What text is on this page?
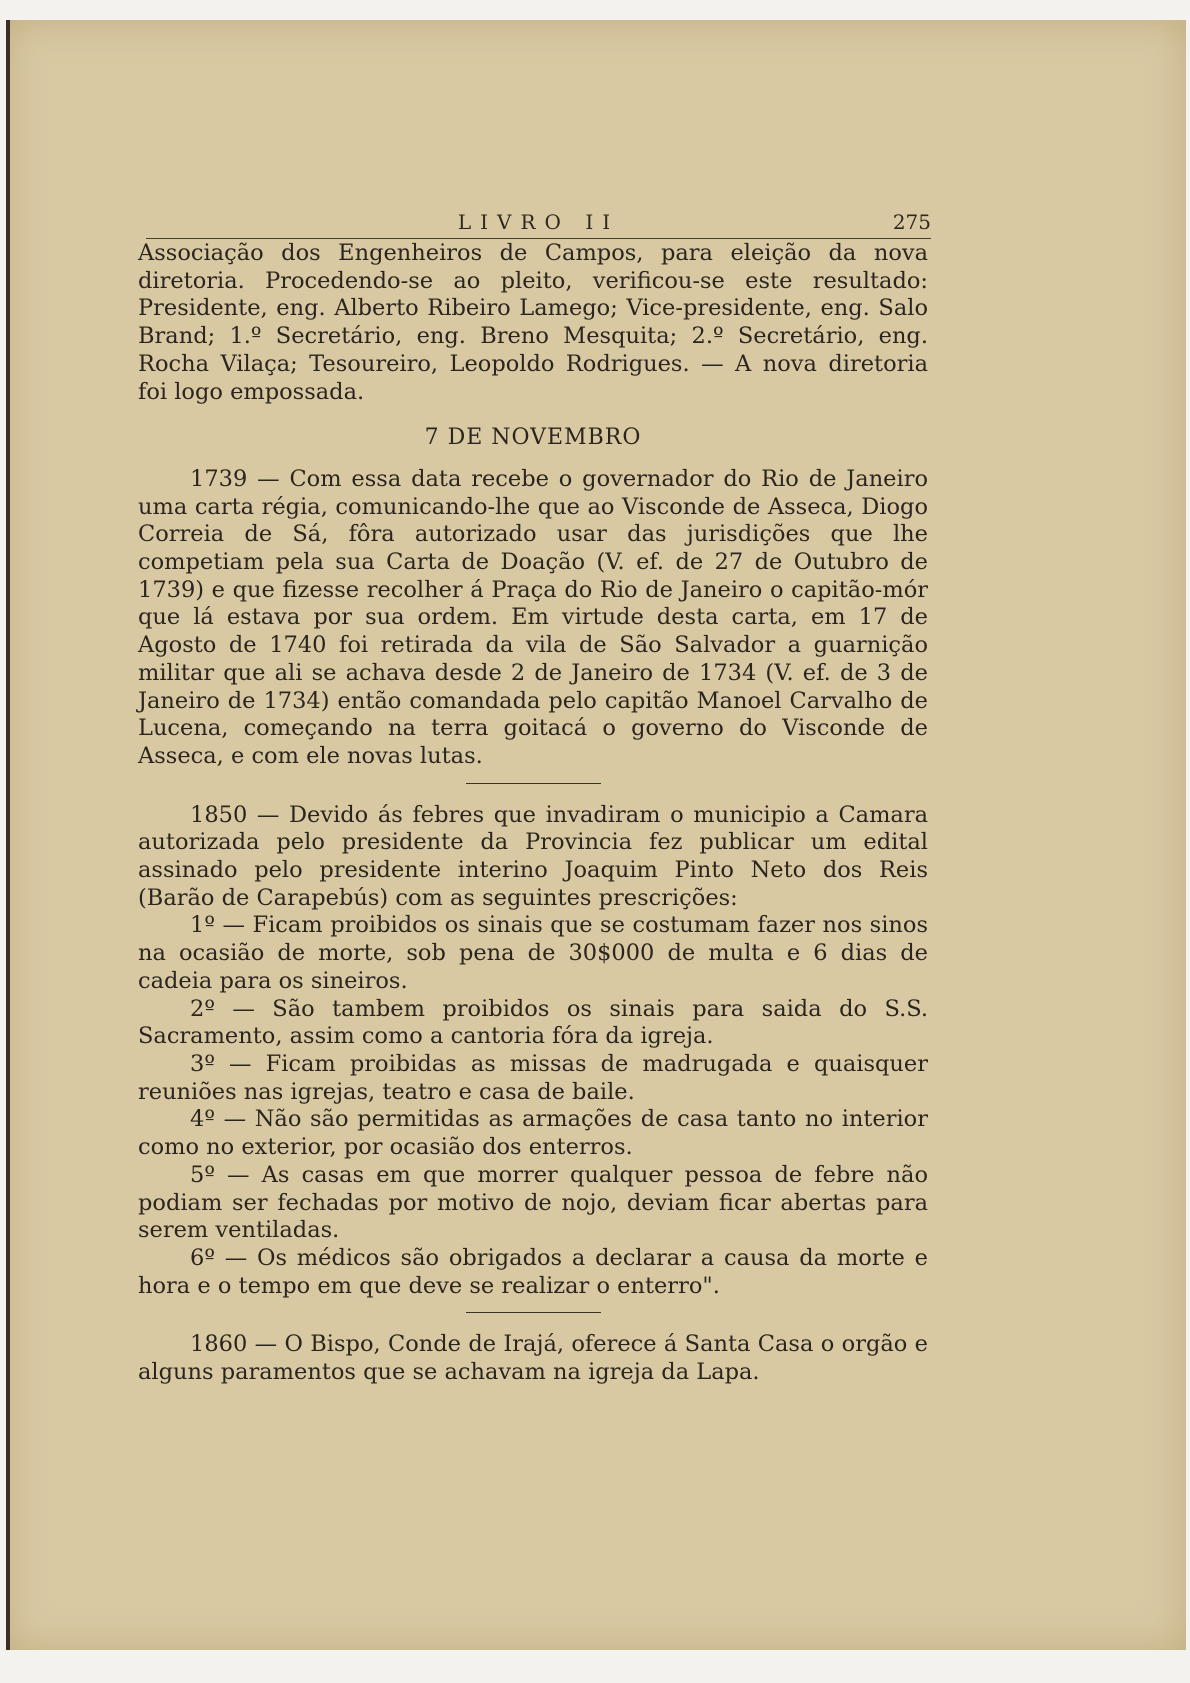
LIVRO II	275

Associação dos Engenheiros de Campos, para eleição da nova diretoria. Procedendo-se ao pleito, verificou-se este resultado: Presidente, eng. Alberto Ribeiro Lamego; Vice-presidente, eng. Salo Brand; 1.º Secretário, eng. Breno Mesquita; 2.º Secretário, eng. Rocha Vilaça; Tesoureiro, Leopoldo Rodrigues. — A nova diretoria foi logo empossada.

7 DE NOVEMBRO

1739 — Com essa data recebe o governador do Rio de Janeiro uma carta régia, comunicando-lhe que ao Visconde de Asseca, Diogo Correia de Sá, fôra autorizado usar das jurisdições que lhe competiam pela sua Carta de Doação (V. ef. de 27 de Outubro de 1739) e que fizesse recolher á Praça do Rio de Janeiro o capitão-mór que lá estava por sua ordem. Em virtude desta carta, em 17 de Agosto de 1740 foi retirada da vila de São Salvador a guarnição militar que ali se achava desde 2 de Janeiro de 1734 (V. ef. de 3 de Janeiro de 1734) então comandada pelo capitão Manoel Carvalho de Lucena, começando na terra goitacá o governo do Visconde de Asseca, e com ele novas lutas.

1850 — Devido ás febres que invadiram o municipio a Camara autorizada pelo presidente da Provincia fez publicar um edital assinado pelo presidente interino Joaquim Pinto Neto dos Reis (Barão de Carapebús) com as seguintes prescrições:

1º — Ficam proibidos os sinais que se costumam fazer nos sinos na ocasião de morte, sob pena de 30$000 de multa e 6 dias de cadeia para os sineiros.

2º — São tambem proibidos os sinais para saida do S.S. Sacramento, assim como a cantoria fóra da igreja.

3º — Ficam proibidas as missas de madrugada e quaisquer reuniões nas igrejas, teatro e casa de baile.

4º — Não são permitidas as armações de casa tanto no interior como no exterior, por ocasião dos enterros.

5º — As casas em que morrer qualquer pessoa de febre não podiam ser fechadas por motivo de nojo, deviam ficar abertas para serem ventiladas.

6º — Os médicos são obrigados a declarar a causa da morte e hora e o tempo em que deve se realizar o enterro".

1860 — O Bispo, Conde de Irajá, oferece á Santa Casa o orgão e alguns paramentos que se achavam na igreja da Lapa.
